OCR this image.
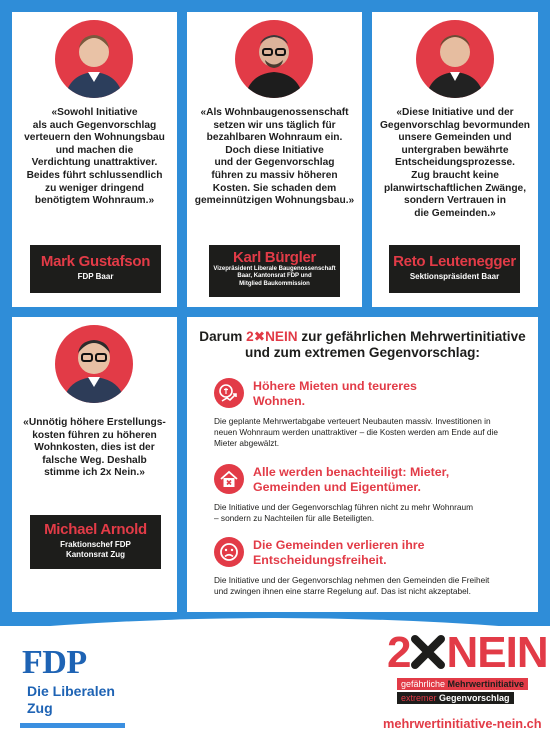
«Sowohl Initiative
als auch Gegenvorschlag
verteuern den Wohnungsbau
und machen die
Verdichtung unattraktiver.
Beides führt schlussendlich
zu weniger dringend
benötigtem Wohnraum.»
Mark Gustafson
FDP Baar
«Als Wohnbaugenossenschaft
setzen wir uns täglich für
bezahlbaren Wohnraum ein.
Doch diese Initiative
und der Gegenvorschlag
führen zu massiv höheren
Kosten. Sie schaden dem
gemeinnützigen Wohnungsbau.»
Karl Bürgler
Vizepräsident Liberale Baugenossenschaft
Baar, Kantonsrat FDP und
Mitglied Baukommission
«Diese Initiative und der
Gegenvorschlag bevormunden
unsere Gemeinden und
untergraben bewährte
Entscheidungsprozesse.
Zug braucht keine
planwirtschaftlichen Zwänge,
sondern Vertrauen in
die Gemeinden.»
Reto Leutenegger
Sektionspräsident Baar
«Unnötig höhere Erstellungs-
kosten führen zu höheren
Wohnkosten, dies ist der
falsche Weg. Deshalb
stimme ich 2x Nein.»
Michael Arnold
Fraktionschef FDP
Kantonsrat Zug
Darum 2✖NEIN zur gefährlichen Mehrwertinitiative
und zum extremen Gegenvorschlag:
Höhere Mieten und teureres
Wohnen.
Die geplante Mehrwertabgabe verteuert Neubauten massiv. Investitionen in
neuen Wohnraum werden unattraktiver – die Kosten werden am Ende auf die
Mieter abgewälzt.
Alle werden benachteiligt: Mieter,
Gemeinden und Eigentümer.
Die Initiative und der Gegenvorschlag führen nicht zu mehr Wohnraum
– sondern zu Nachteilen für alle Beteiligten.
Die Gemeinden verlieren ihre
Entscheidungsfreiheit.
Die Initiative und der Gegenvorschlag nehmen den Gemeinden die Freiheit
und zwingen ihnen eine starre Regelung auf. Das ist nicht akzeptabel.
FDP
Die Liberalen
Zug
2 NEIN
gefährliche Mehrwertinitiative
extremer Gegenvorschlag
mehrwertinitiative-nein.ch
